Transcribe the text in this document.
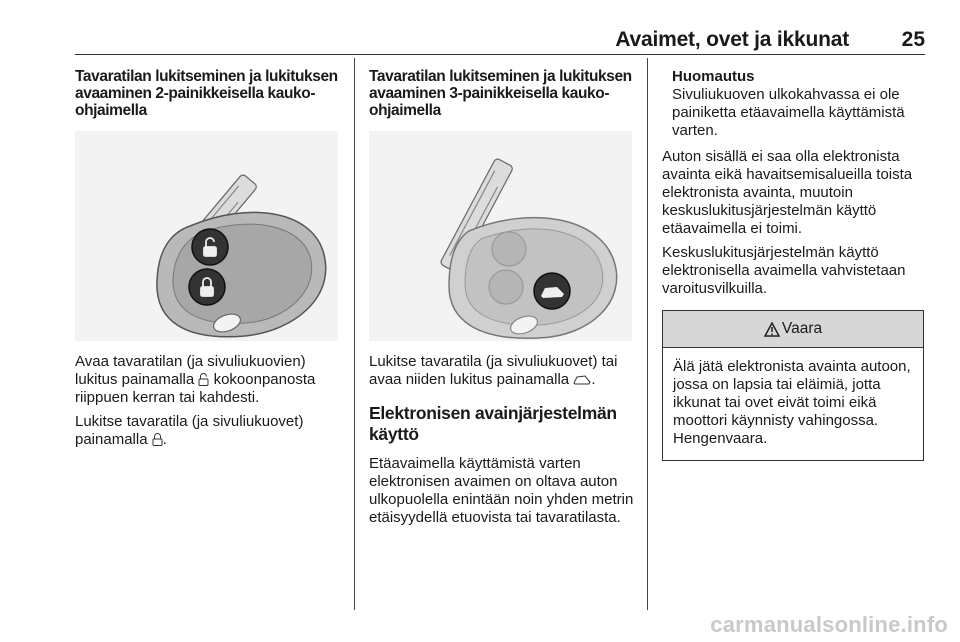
Avaimet, ovet ja ikkunat	25
Tavaratilan lukitseminen ja lukituksen avaaminen 2-painikkeisella kauko-ohjaimella

Avaa tavaratilan (ja sivuliukuovien) lukitus painamalla kokoonpanosta riippuen kerran tai kahdesti.

Lukitse tavaratila (ja sivuliukuovet) painamalla .

Tavaratilan lukitseminen ja lukituksen avaaminen 3-painikkeisella kauko-ohjaimella

Lukitse tavaratila (ja sivuliukuovet) tai avaa niiden lukitus painamalla .

Elektronisen avainjärjestelmän käyttö

Etäavaimella käyttämistä varten elektronisen avaimen on oltava auton ulkopuolella enintään noin yhden metrin etäisyydellä etuovista tai tavaratilasta.

Huomautus
Sivuliukuoven ulkokahvassa ei ole painiketta etäavaimella käyttämistä varten.

Auton sisällä ei saa olla elektronista avainta eikä havaitsemisalueilla toista elektronista avainta, muutoin keskuslukitusjärjestelmän käyttö etäavaimella ei toimi.

Keskuslukitusjärjestelmän käyttö elektronisella avaimella vahvistetaan varoitusvilkuilla.

Vaara
Älä jätä elektronista avainta autoon, jossa on lapsia tai eläimiä, jotta ikkunat tai ovet eivät toimi eikä moottori käynnisty vahingossa. Hengenvaara.
carmanualsonline.info
